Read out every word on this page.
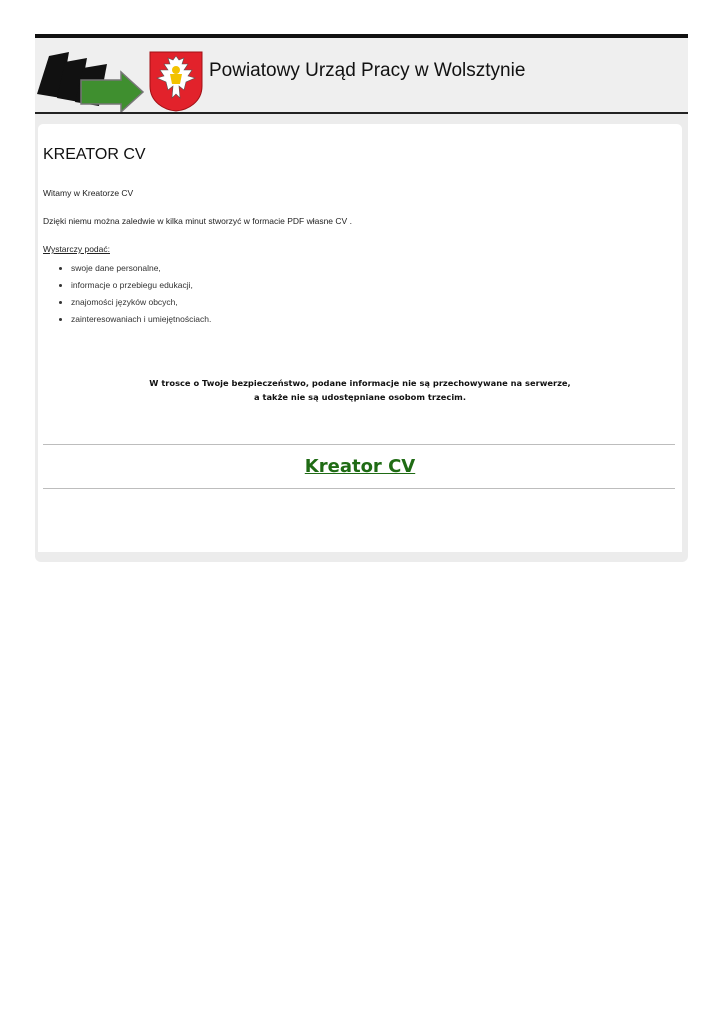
Powiatowy Urząd Pracy w Wolsztynie
KREATOR CV

Witamy w Kreatorze CV

Dzięki niemu można zaledwie w kilka minut stworzyć w formacie PDF własne CV .

Wystarczy podać:

• swoje dane personalne,
• informacje o przebiegu edukacji,
• znajomości języków obcych,
• zainteresowaniach i umiejętnościach.
W trosce o Twoje bezpieczeństwo, podane informacje nie są przechowywane na serwerze,
a także nie są udostępniane osobom trzecim.
Kreator CV
